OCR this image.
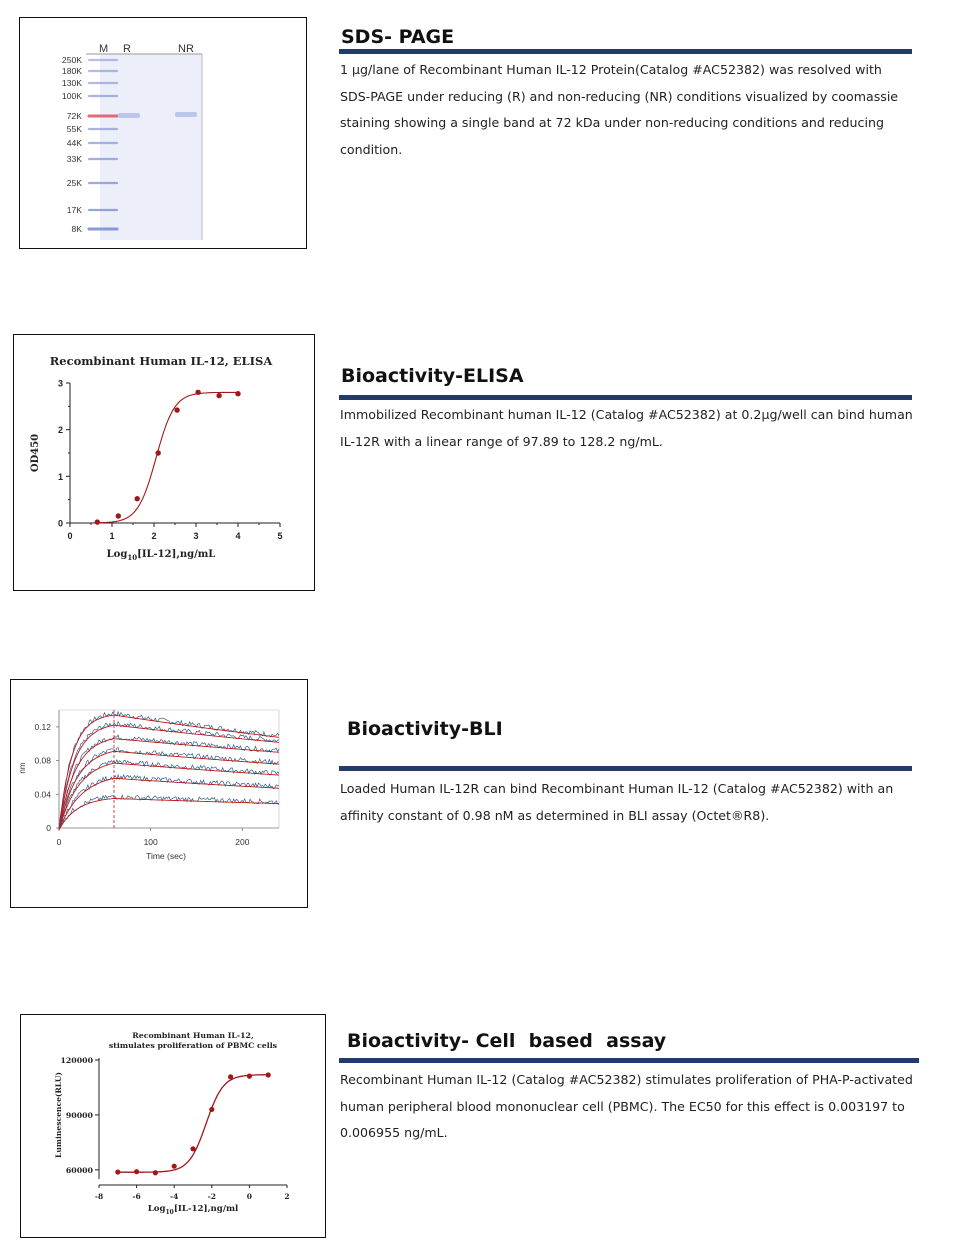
M R	NR
250K
180K
130K
100K
72K
55K
44K
33K
25K
17K
8K
SDS- PAGE
1 µg/lane of Recombinant Human IL-12 Protein(Catalog #AC52382) was resolved with SDS-PAGE under reducing (R) and non-reducing (NR) conditions visualized by coomassie staining showing a single band at 72 kDa under non-reducing conditions and reducing condition.
Recombinant Human IL-12, ELISA
OD450
Log$_{10}$[IL-12],ng/mL
0
1
2
3
0	1	2	3	4	5
Bioactivity-ELISA
Immobilized Recombinant human IL-12 (Catalog #AC52382) at 0.2μg/well can bind human IL-12R with a linear range of 97.89 to 128.2 ng/mL.
nm
Time (sec)
0
0.04
0.08
0.12
0	100	200
Bioactivity-BLI
Loaded Human IL-12R can bind Recombinant Human IL-12 (Catalog #AC52382) with an affinity constant of 0.98 nM as determined in BLI assay (Octet®R8).
Recombinant Human IL-12,
stimulates proliferation of PBMC cells
Luminescence(RLU)
Log$_{10}$[IL-12],ng/ml
60000
90000
120000
-8	-6	-4	-2	0	2
Bioactivity- Cell  based  assay
Recombinant Human IL-12 (Catalog #AC52382) stimulates proliferation of PHA-P-activated human peripheral blood mononuclear cell (PBMC). The EC50 for this effect is 0.003197 to 0.006955 ng/mL.
